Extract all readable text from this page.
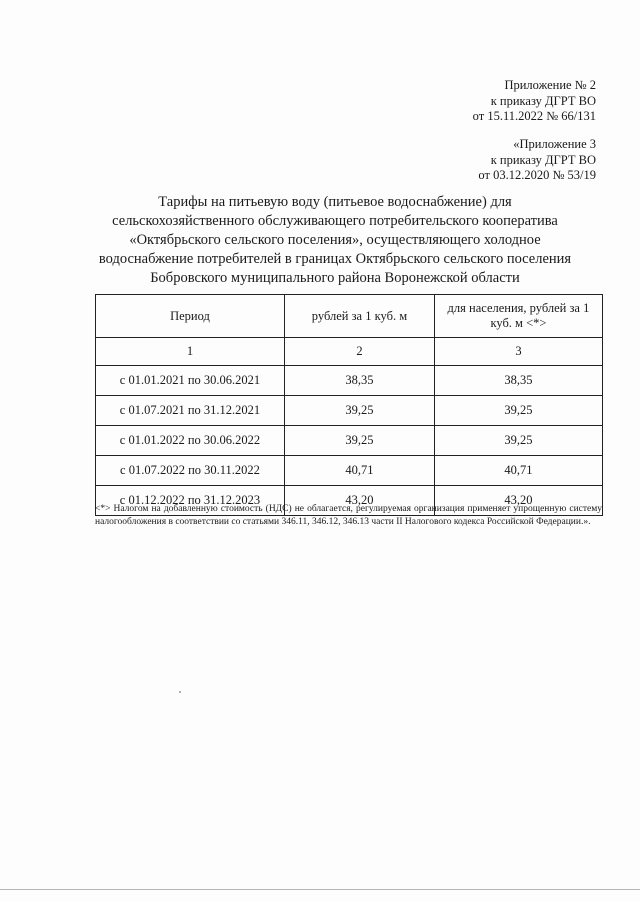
Приложение № 2
к приказу ДГРТ ВО
от 15.11.2022 № 66/131
«Приложение 3
к приказу ДГРТ ВО
от 03.12.2020 № 53/19
Тарифы на питьевую воду (питьевое водоснабжение) для
сельскохозяйственного обслуживающего потребительского кооператива
«Октябрьского сельского поселения», осуществляющего холодное
водоснабжение потребителей в границах Октябрьского сельского поселения
Бобровского муниципального района Воронежской области
Период	рублей за 1 куб. м	для населения, рублей за 1
куб. м <*>
1	2	3
с 01.01.2021 по 30.06.2021	38,35	38,35
с 01.07.2021 по 31.12.2021	39,25	39,25
с 01.01.2022 по 30.06.2022	39,25	39,25
с 01.07.2022 по 30.11.2022	40,71	40,71
с 01.12.2022 по 31.12.2023	43,20	43,20
<*> Налогом на добавленную стоимость (НДС) не облагается, регулируемая организация применяет упрощенную систему налогообложения в соответствии со статьями 346.11, 346.12, 346.13 части II Налогового кодекса Российской Федерации.».
